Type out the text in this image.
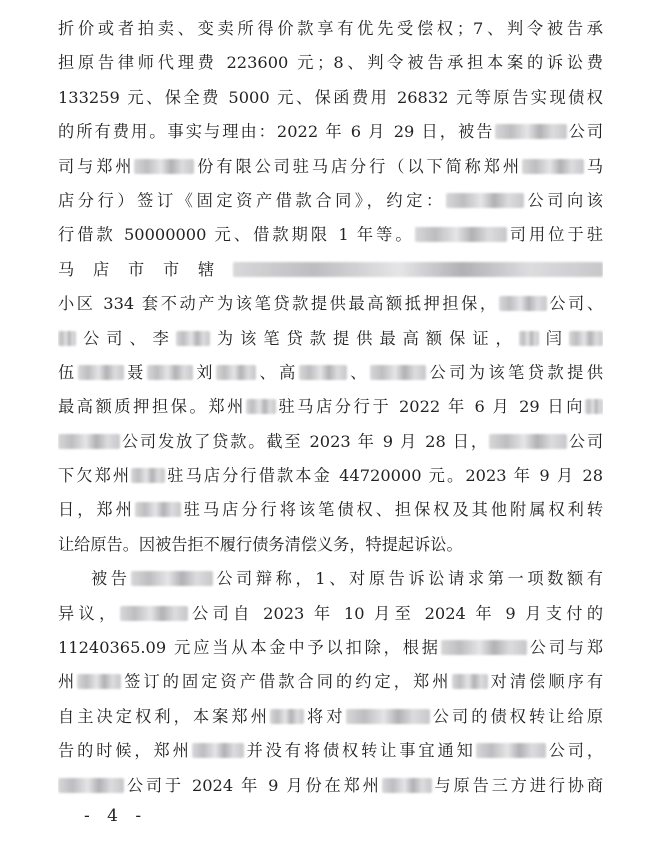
折价或者拍卖、变卖所得价款享有优先受偿权；7、判令被告承
担原告律师代理费 223600 元；8、判令被告承担本案的诉讼费
133259 元、保全费 5000 元、保函费用 26832 元等原告实现债权
的所有费用。事实与理由：2022 年 6 月 29 日，被告	公司
司与郑州	份有限公司驻马店分行（以下简称郑州	马
店分行）签订《固定资产借款合同》，约定：	公司向该
行借款 50000000 元、借款期限 1 年等。	司用位于驻
马店市市辖
小区 334 套不动产为该笔贷款提供最高额抵押担保，	公司、
公司、李 为该笔贷款提供最高额保证， 闫
伍	聂	刘 、高	、	公司为该笔贷款提供
最高额质押担保。郑州 驻马店分行于 2022 年 6 月 29 日向
公司发放了贷款。截至 2023 年 9 月 28 日，	公司
下欠郑州 驻马店分行借款本金 44720000 元。2023 年 9 月 28
日，郑州	驻马店分行将该笔债权、担保权及其他附属权利转
让给原告。因被告拒不履行债务清偿义务，特提起诉讼。
被告	公司辩称，1、对原告诉讼请求第一项数额有
异议，	公司自 2023 年 10 月至 2024 年 9 月支付的
11240365.09 元应当从本金中予以扣除，根据	公司与郑
州	签订的固定资产借款合同的约定，郑州 对清偿顺序有
自主决定权利，本案郑州 将对	公司的债权转让给原
告的时候，郑州	并没有将债权转让事宜通知	公司，
公司于 2024 年 9 月份在郑州	与原告三方进行协商
- 4 -
